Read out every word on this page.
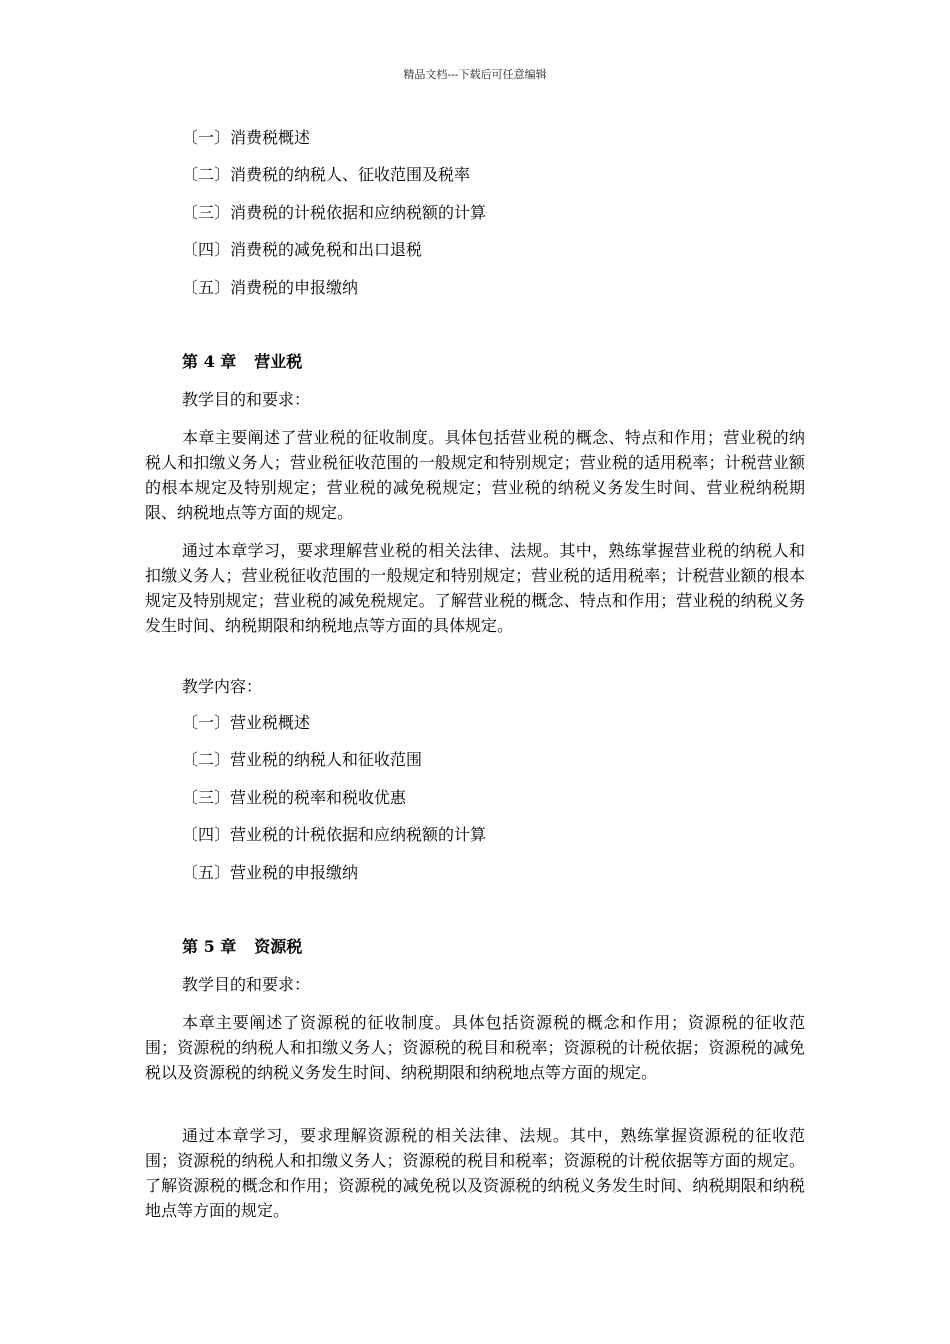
精品文档---下载后可任意编辑
〔一〕消费税概述
〔二〕消费税的纳税人、征收范围及税率
〔三〕消费税的计税依据和应纳税额的计算
〔四〕消费税的减免税和出口退税
〔五〕消费税的申报缴纳
第 4 章 营业税
教学目的和要求：
本章主要阐述了营业税的征收制度。具体包括营业税的概念、特点和作用；营业税的纳税人和扣缴义务人；营业税征收范围的一般规定和特别规定；营业税的适用税率；计税营业额的根本规定及特别规定；营业税的减免税规定；营业税的纳税义务发生时间、营业税纳税期限、纳税地点等方面的规定。
通过本章学习，要求理解营业税的相关法律、法规。其中，熟练掌握营业税的纳税人和扣缴义务人；营业税征收范围的一般规定和特别规定；营业税的适用税率；计税营业额的根本规定及特别规定；营业税的减免税规定。了解营业税的概念、特点和作用；营业税的纳税义务发生时间、纳税期限和纳税地点等方面的具体规定。
教学内容：
〔一〕营业税概述
〔二〕营业税的纳税人和征收范围
〔三〕营业税的税率和税收优惠
〔四〕营业税的计税依据和应纳税额的计算
〔五〕营业税的申报缴纳
第 5 章 资源税
教学目的和要求：
本章主要阐述了资源税的征收制度。具体包括资源税的概念和作用；资源税的征收范围；资源税的纳税人和扣缴义务人；资源税的税目和税率；资源税的计税依据；资源税的减免税以及资源税的纳税义务发生时间、纳税期限和纳税地点等方面的规定。
通过本章学习，要求理解资源税的相关法律、法规。其中，熟练掌握资源税的征收范围；资源税的纳税人和扣缴义务人；资源税的税目和税率；资源税的计税依据等方面的规定。了解资源税的概念和作用；资源税的减免税以及资源税的纳税义务发生时间、纳税期限和纳税地点等方面的规定。
